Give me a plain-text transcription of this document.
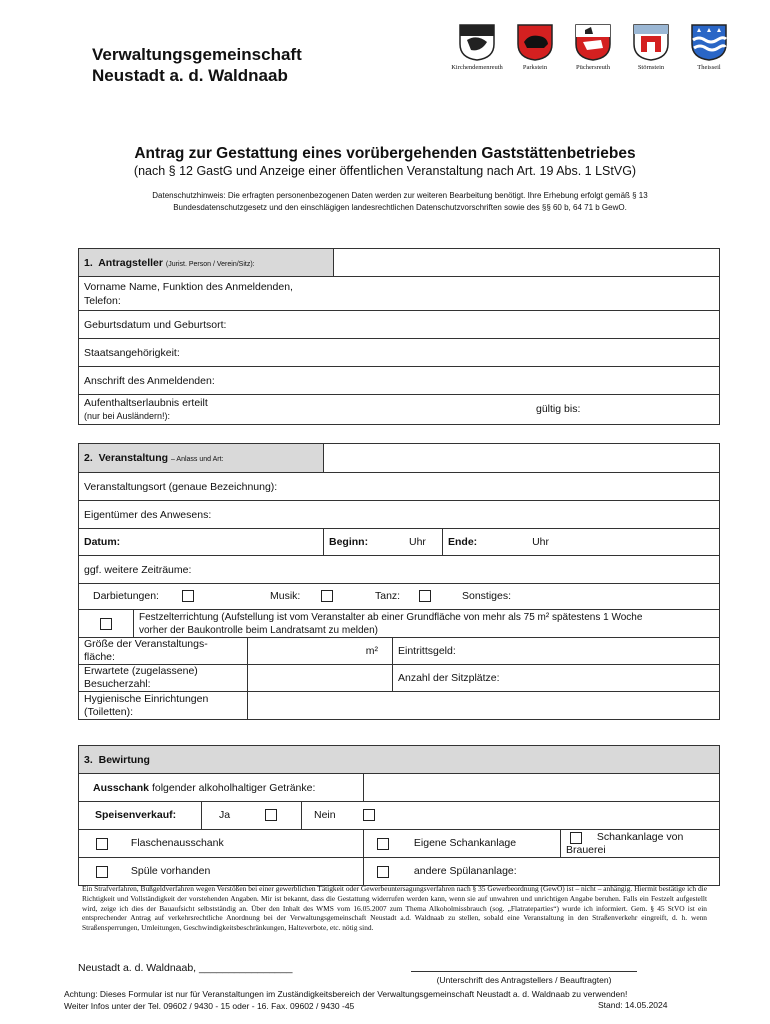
Verwaltungsgemeinschaft
Neustadt a. d. Waldnaab	Kirchendemenreuth	Parkstein	Püchersreuth	Störnstein	Theisseil
Antrag zur Gestattung eines vorübergehenden Gaststättenbetriebes
(nach § 12 GastG und Anzeige einer öffentlichen Veranstaltung nach Art. 19 Abs. 1 LStVG)
Datenschutzhinweis: Die erfragten personenbezogenen Daten werden zur weiteren Bearbeitung benötigt. Ihre Erhebung erfolgt gemäß § 13 Bundesdatenschutzgesetz und den einschlägigen landesrechtlichen Datenschutzvorschriften sowie des §§ 60 b, 64 71 b GewO.
1. Antragsteller (Jurist. Person / Verein/Sitz):	

Vorname Name, Funktion des Anmeldenden,
Telefon:

Geburtsdatum und Geburtsort:
Staatsangehörigkeit:
Anschrift des Anmeldenden:

Aufenthaltserlaubnis erteilt
(nur bei Ausländern!):
gültig bis:
2. Veranstaltung – Anlass und Art:					
Veranstaltungsort (genaue Bezeichnung):					
Eigentümer des Anwesens:					
Datum:			Beginn: Uhr		Ende: Uhr
ggf. weitere Zeiträume:					

Darbietungen: Musik: Tanz: Sonstiges:					

	Festzelterrichtung (Aufstellung ist vom Veranstalter ab einer Grundfläche von mehr als 75 m² spätestens 1 Woche
vorher der Baukontrolle beim Landratsamt zu melden)				

Größe der Veranstaltungs-
fläche:		m²		Eintrittsgeld:	

Erwartete (zugelassene)
Besucherzahl:				Anzahl der Sitzplätze:	

Hygienische Einrichtungen
(Toiletten):					

3. Bewirtung		
Ausschank folgender alkoholhaltiger Getränke:		

Speisenverkauf: Ja Nein		

Flaschenausschank	Eigene Schankanlage	Schankanlage von Brauerei
Spüle vorhanden	andere Spülananlage:	
Ein Strafverfahren, Bußgeldverfahren wegen Verstößen bei einer gewerblichen Tätigkeit oder Gewerbeuntersagungsverfahren nach § 35 Gewerbeordnung (GewO) ist – nicht – anhängig. Hiermit bestätige ich die Richtigkeit und Vollständigkeit der vorstehenden Angaben. Mir ist bekannt, dass die Gestattung widerrufen werden kann, wenn sie auf unwahren und unrichtigen Angabe beruhen. Falls ein Festzelt aufgestellt wird, zeige ich dies der Bauaufsicht selbstständig an. Über den Inhalt des WMS vom 16.05.2007 zum Thema Alkoholmissbrauch (sog. „Flatrateparties“) wurde ich informiert. Gem. § 45 StVO ist ein entsprechender Antrag auf verkehrsrechtliche Anordnung bei der Verwaltungsgemeinschaft Neustadt a.d. Waldnaab zu stellen, sobald eine Veranstaltung in den Straßenverkehr eingreift, d. h. wenn Straßensperrungen, Umleitungen, Geschwindigkeitsbeschränkungen, Halteverbote, etc. nötig sind.
Neustadt a. d. Waldnaab, ________________
(Unterschrift des Antragstellers / Beauftragten)
Achtung: Dieses Formular ist nur für Veranstaltungen im Zuständigkeitsbereich der Verwaltungsgemeinschaft Neustadt a. d. Waldnaab zu verwenden!
Weiter Infos unter der Tel. 09602 / 9430 - 15 oder - 16. Fax. 09602 / 9430 -45	Stand: 14.05.2024
